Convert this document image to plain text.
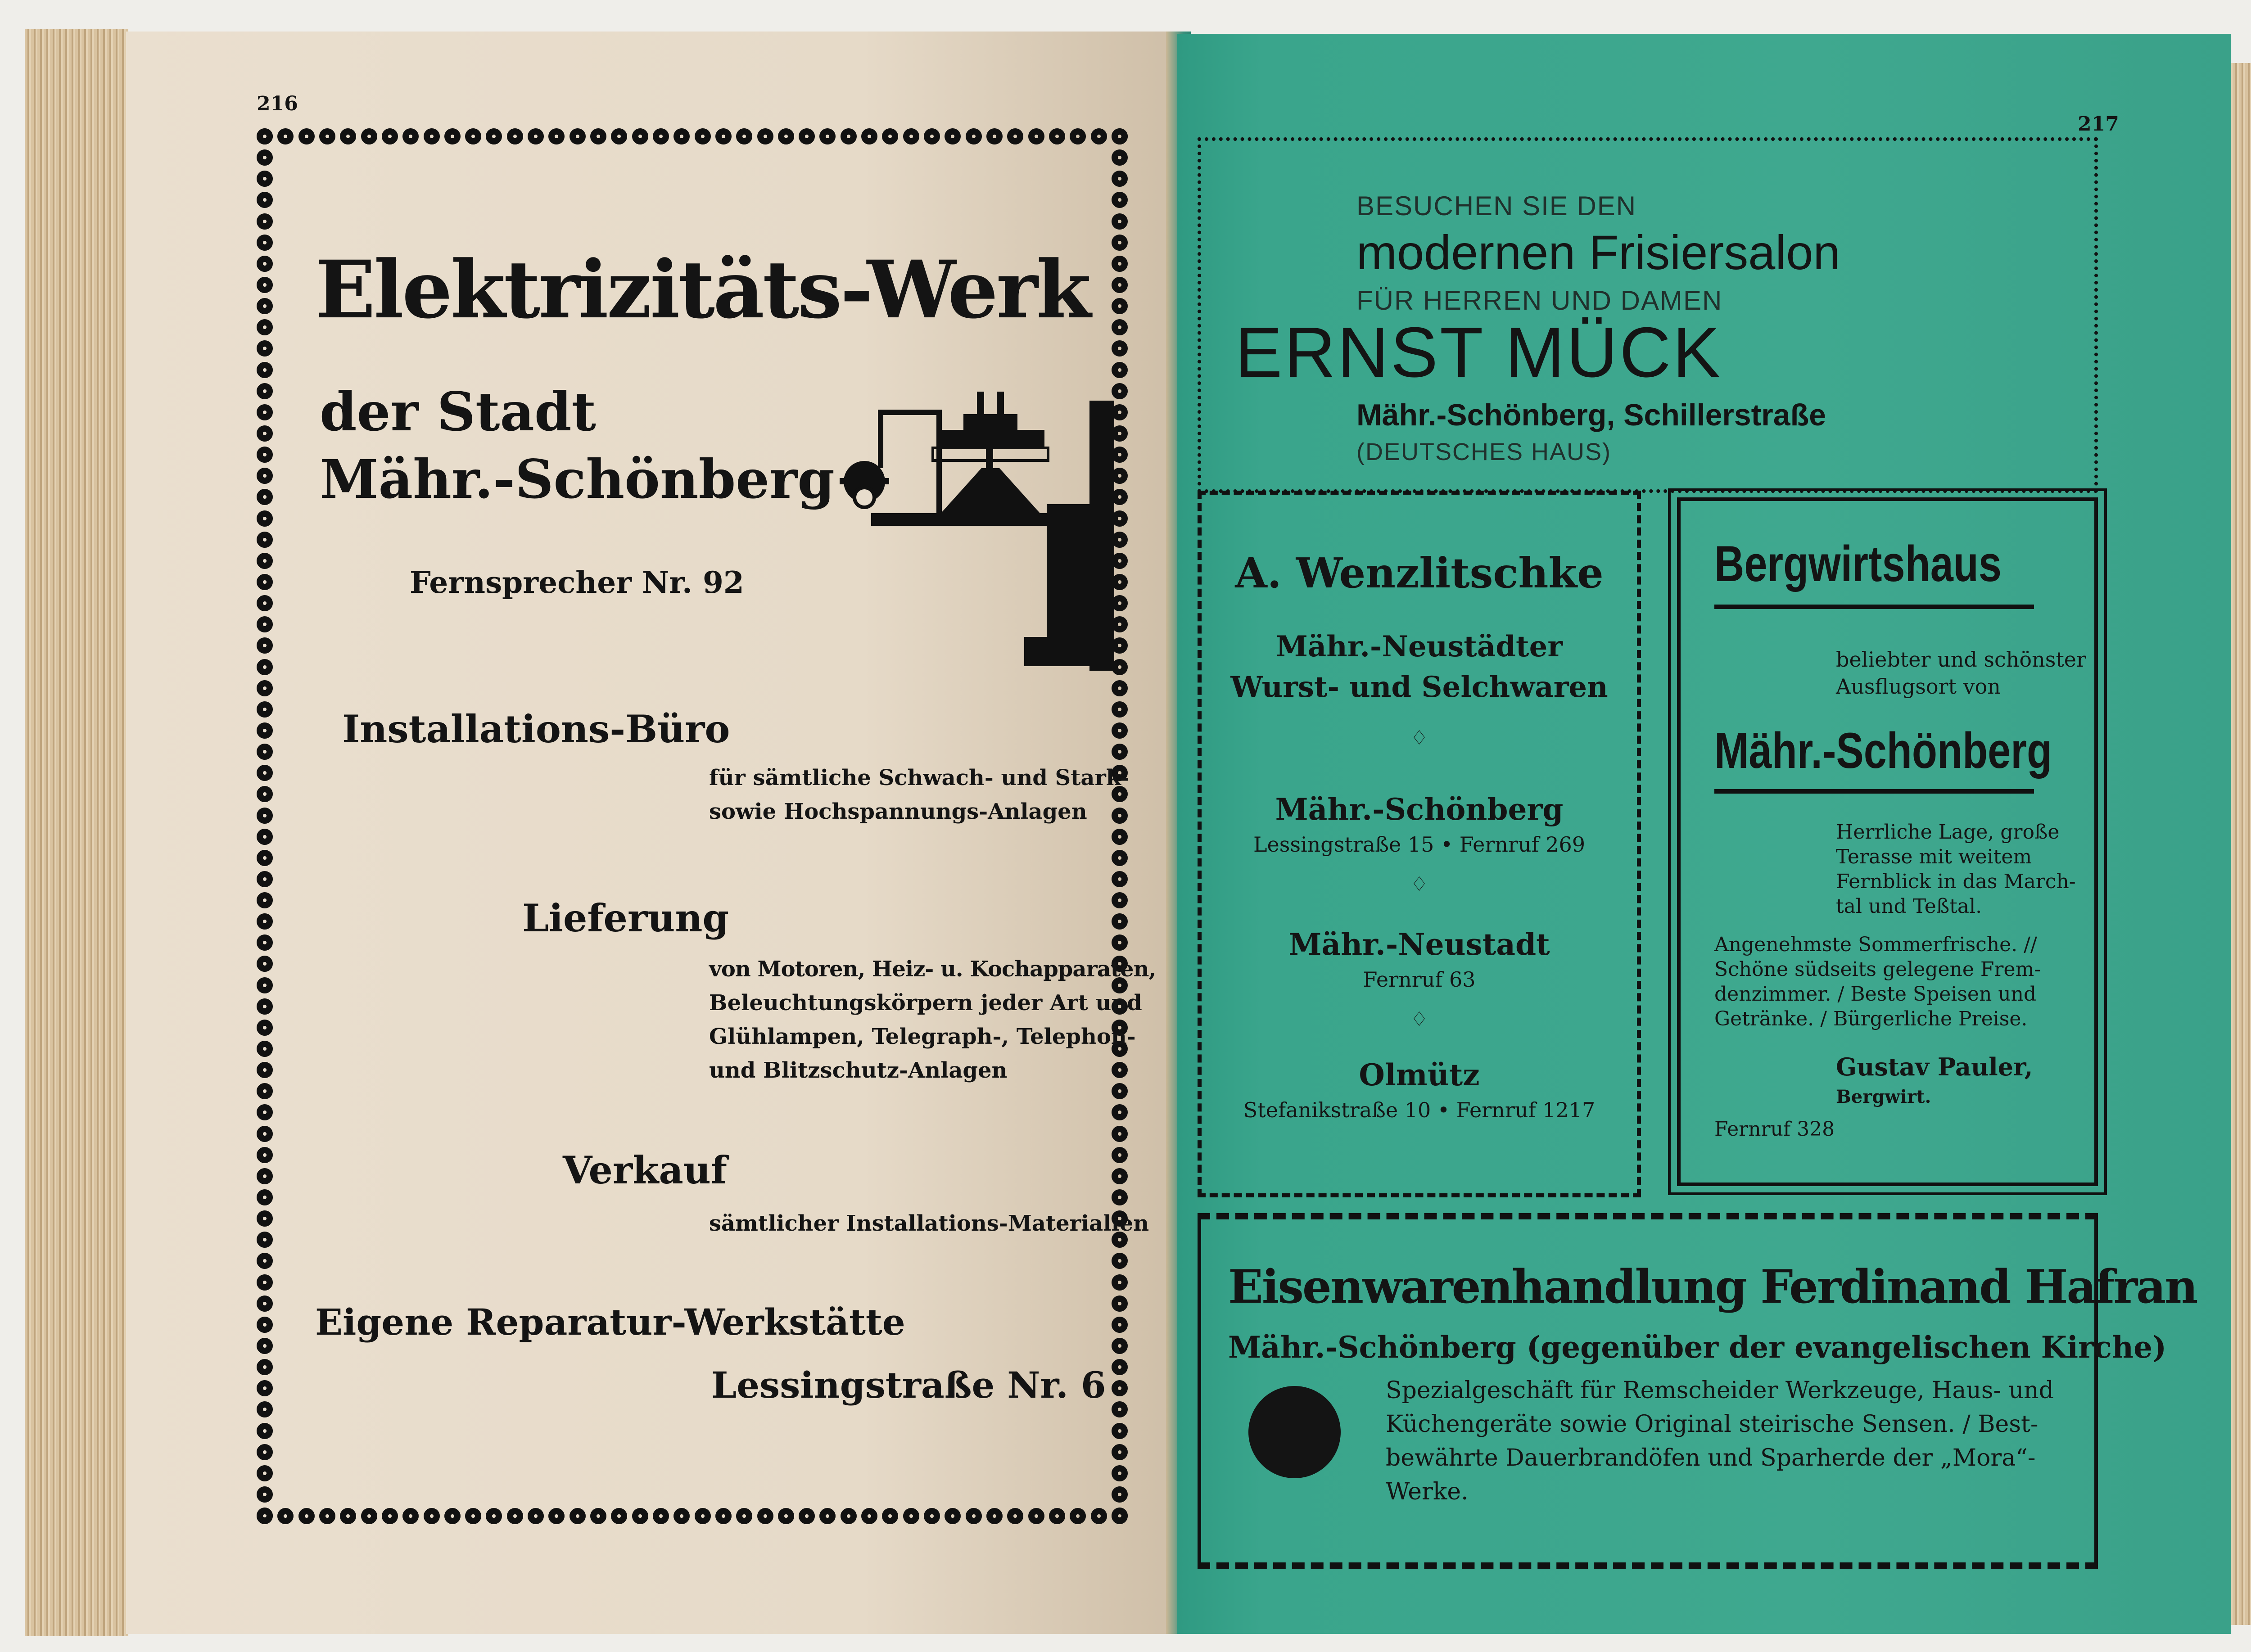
216
Elektrizitäts-Werk
der Stadt
Mähr.-Schönberg
Fernsprecher Nr. 92
Installations-Büro
für sämtliche Schwach- und Stark-
sowie Hochspannungs-Anlagen
Lieferung
von Motoren, Heiz- u. Kochapparaten,
Beleuchtungskörpern jeder Art und
Glühlampen, Telegraph-, Telephon-
und Blitzschutz-Anlagen
Verkauf
sämtlicher Installations-Materialien
Eigene Reparatur-Werkstätte
Lessingstraße Nr. 6
217
BESUCHEN SIE DEN
modernen Frisiersalon
FÜR HERREN UND DAMEN
ERNST MÜCK
Mähr.-Schönberg, Schillerstraße
(DEUTSCHES HAUS)
A. Wenzlitschke
Mähr.-Neustädter
Wurst- und Selchwaren
♢
Mähr.-Schönberg
Lessingstraße 15 • Fernruf 269
♢
Mähr.-Neustadt
Fernruf 63
♢
Olmütz
Stefanikstraße 10 • Fernruf 1217
Bergwirtshaus
beliebter und schönster
Ausflugsort von
Mähr.-Schönberg
Herrliche Lage, große
Terasse mit weitem
Fernblick in das March-
tal und Teßtal.
Angenehmste Sommerfrische. //
Schöne südseits gelegene Frem-
denzimmer. / Beste Speisen und
Getränke. / Bürgerliche Preise.
Gustav Pauler,
Bergwirt.
Fernruf 328
Eisenwarenhandlung Ferdinand Hafran
Mähr.-Schönberg (gegenüber der evangelischen Kirche)
Spezialgeschäft für Remscheider Werkzeuge, Haus- und
Küchengeräte sowie Original steirische Sensen. / Best-
bewährte Dauerbrandöfen und Sparherde der „Mora“-
Werke.
